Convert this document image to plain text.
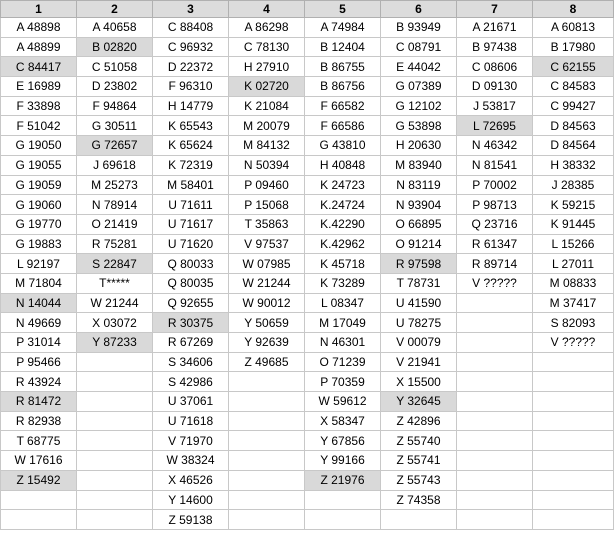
1	2	3	4	5	6	7	8
A 48898	A 40658	C 88408	A 86298	A 74984	B 93949	A 21671	A 60813
A 48899	B 02820	C 96932	C 78130	B 12404	C 08791	B 97438	B 17980
C 84417	C 51058	D 22372	H 27910	B 86755	E 44042	C 08606	C 62155
E 16989	D 23802	F 96310	K 02720	B 86756	G 07389	D 09130	C 84583
F 33898	F 94864	H 14779	K 21084	F 66582	G 12102	J 53817	C 99427
F 51042	G 30511	K 65543	M 20079	F 66586	G 53898	L 72695	D 84563
G 19050	G 72657	K 65624	M 84132	G 43810	H 20630	N 46342	D 84564
G 19055	J 69618	K 72319	N 50394	H 40848	M 83940	N 81541	H 38332
G 19059	M 25273	M 58401	P 09460	K 24723	N 83119	P 70002	J 28385
G 19060	N 78914	U 71611	P 15068	K.24724	N 93904	P 98713	K 59215
G 19770	O 21419	U 71617	T 35863	K.42290	O 66895	Q 23716	K 91445
G 19883	R 75281	U 71620	V 97537	K.42962	O 91214	R 61347	L 15266
L 92197	S 22847	Q 80033	W 07985	K 45718	R 97598	R 89714	L 27011
M 71804	T*****	Q 80035	W 21244	K 73289	T 78731	V ?????	M 08833
N 14044	W 21244	Q 92655	W 90012	L 08347	U 41590		M 37417
N 49669	X 03072	R 30375	Y 50659	M 17049	U 78275		S 82093
P 31014	Y 87233	R 67269	Y 92639	N 46301	V 00079		V ?????
P 95466		S 34606	Z 49685	O 71239	V 21941		
R 43924		S 42986		P 70359	X 15500		
R 81472		U 37061		W 59612	Y 32645		
R 82938		U 71618		X 58347	Z 42896		
T 68775		V 71970		Y 67856	Z 55740		
W 17616		W 38324		Y 99166	Z 55741		
Z 15492		X 46526		Z 21976	Z 55743		
		Y 14600			Z 74358		
		Z 59138					
